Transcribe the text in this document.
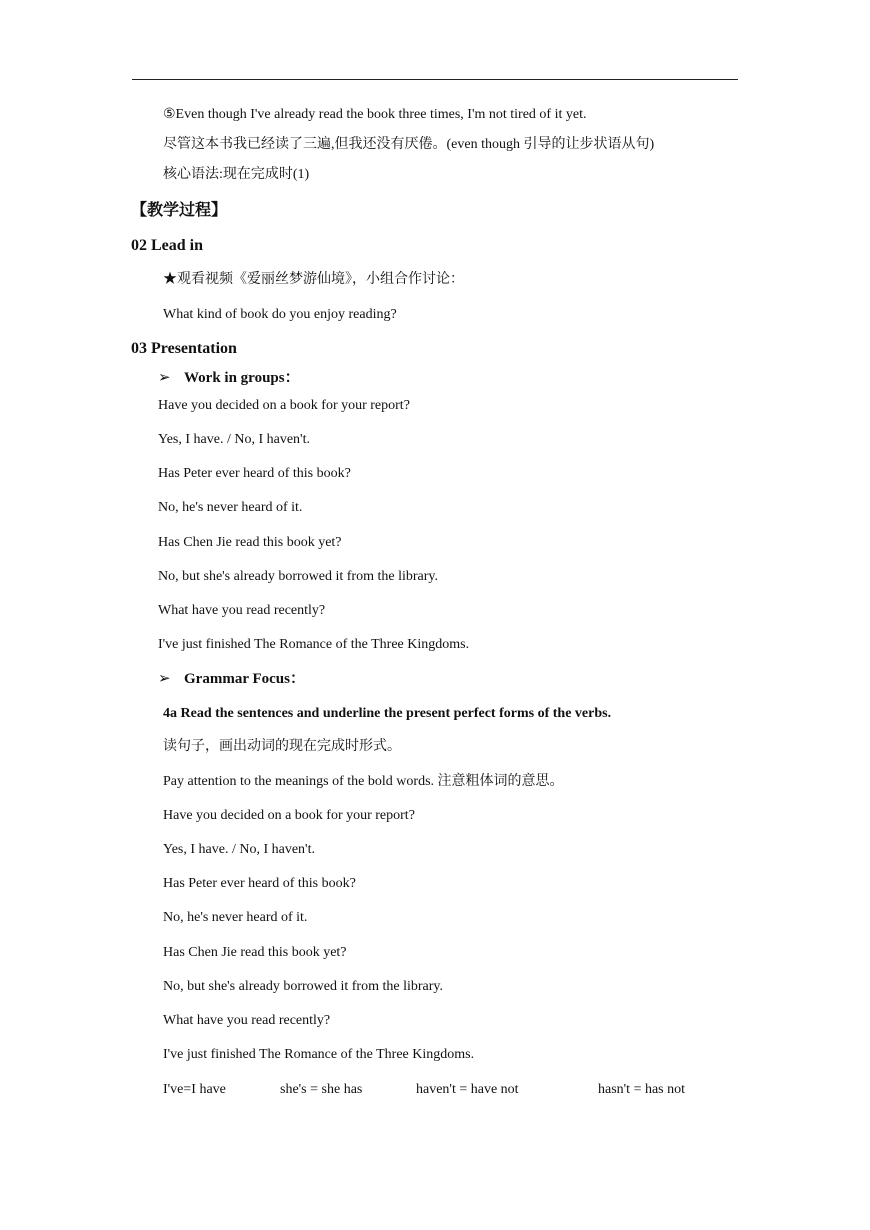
⑤Even though I've already read the book three times, I'm not tired of it yet.
尽管这本书我已经读了三遍,但我还没有厌倦。(even though 引导的让步状语从句)
核心语法:现在完成时(1)
【教学过程】
02 Lead in
★观看视频《爱丽丝梦游仙境》，小组合作讨论：
What kind of book do you enjoy reading?
03 Presentation
➢ Work in groups：
Have you decided on a book for your report?
Yes, I have. / No, I haven't.
Has Peter ever heard of this book?
No, he's never heard of it.
Has Chen Jie read this book yet?
No, but she's already borrowed it from the library.
What have you read recently?
I've just finished The Romance of the Three Kingdoms.
➢ Grammar Focus：
4a Read the sentences and underline the present perfect forms of the verbs.
读句子，画出动词的现在完成时形式。
Pay attention to the meanings of the bold words. 注意粗体词的意思。
Have you decided on a book for your report?
Yes, I have. / No, I haven't.
Has Peter ever heard of this book?
No, he's never heard of it.
Has Chen Jie read this book yet?
No, but she's already borrowed it from the library.
What have you read recently?
I've just finished The Romance of the Three Kingdoms.
I've=I have	she's = she has	haven't = have not	hasn't = has not
